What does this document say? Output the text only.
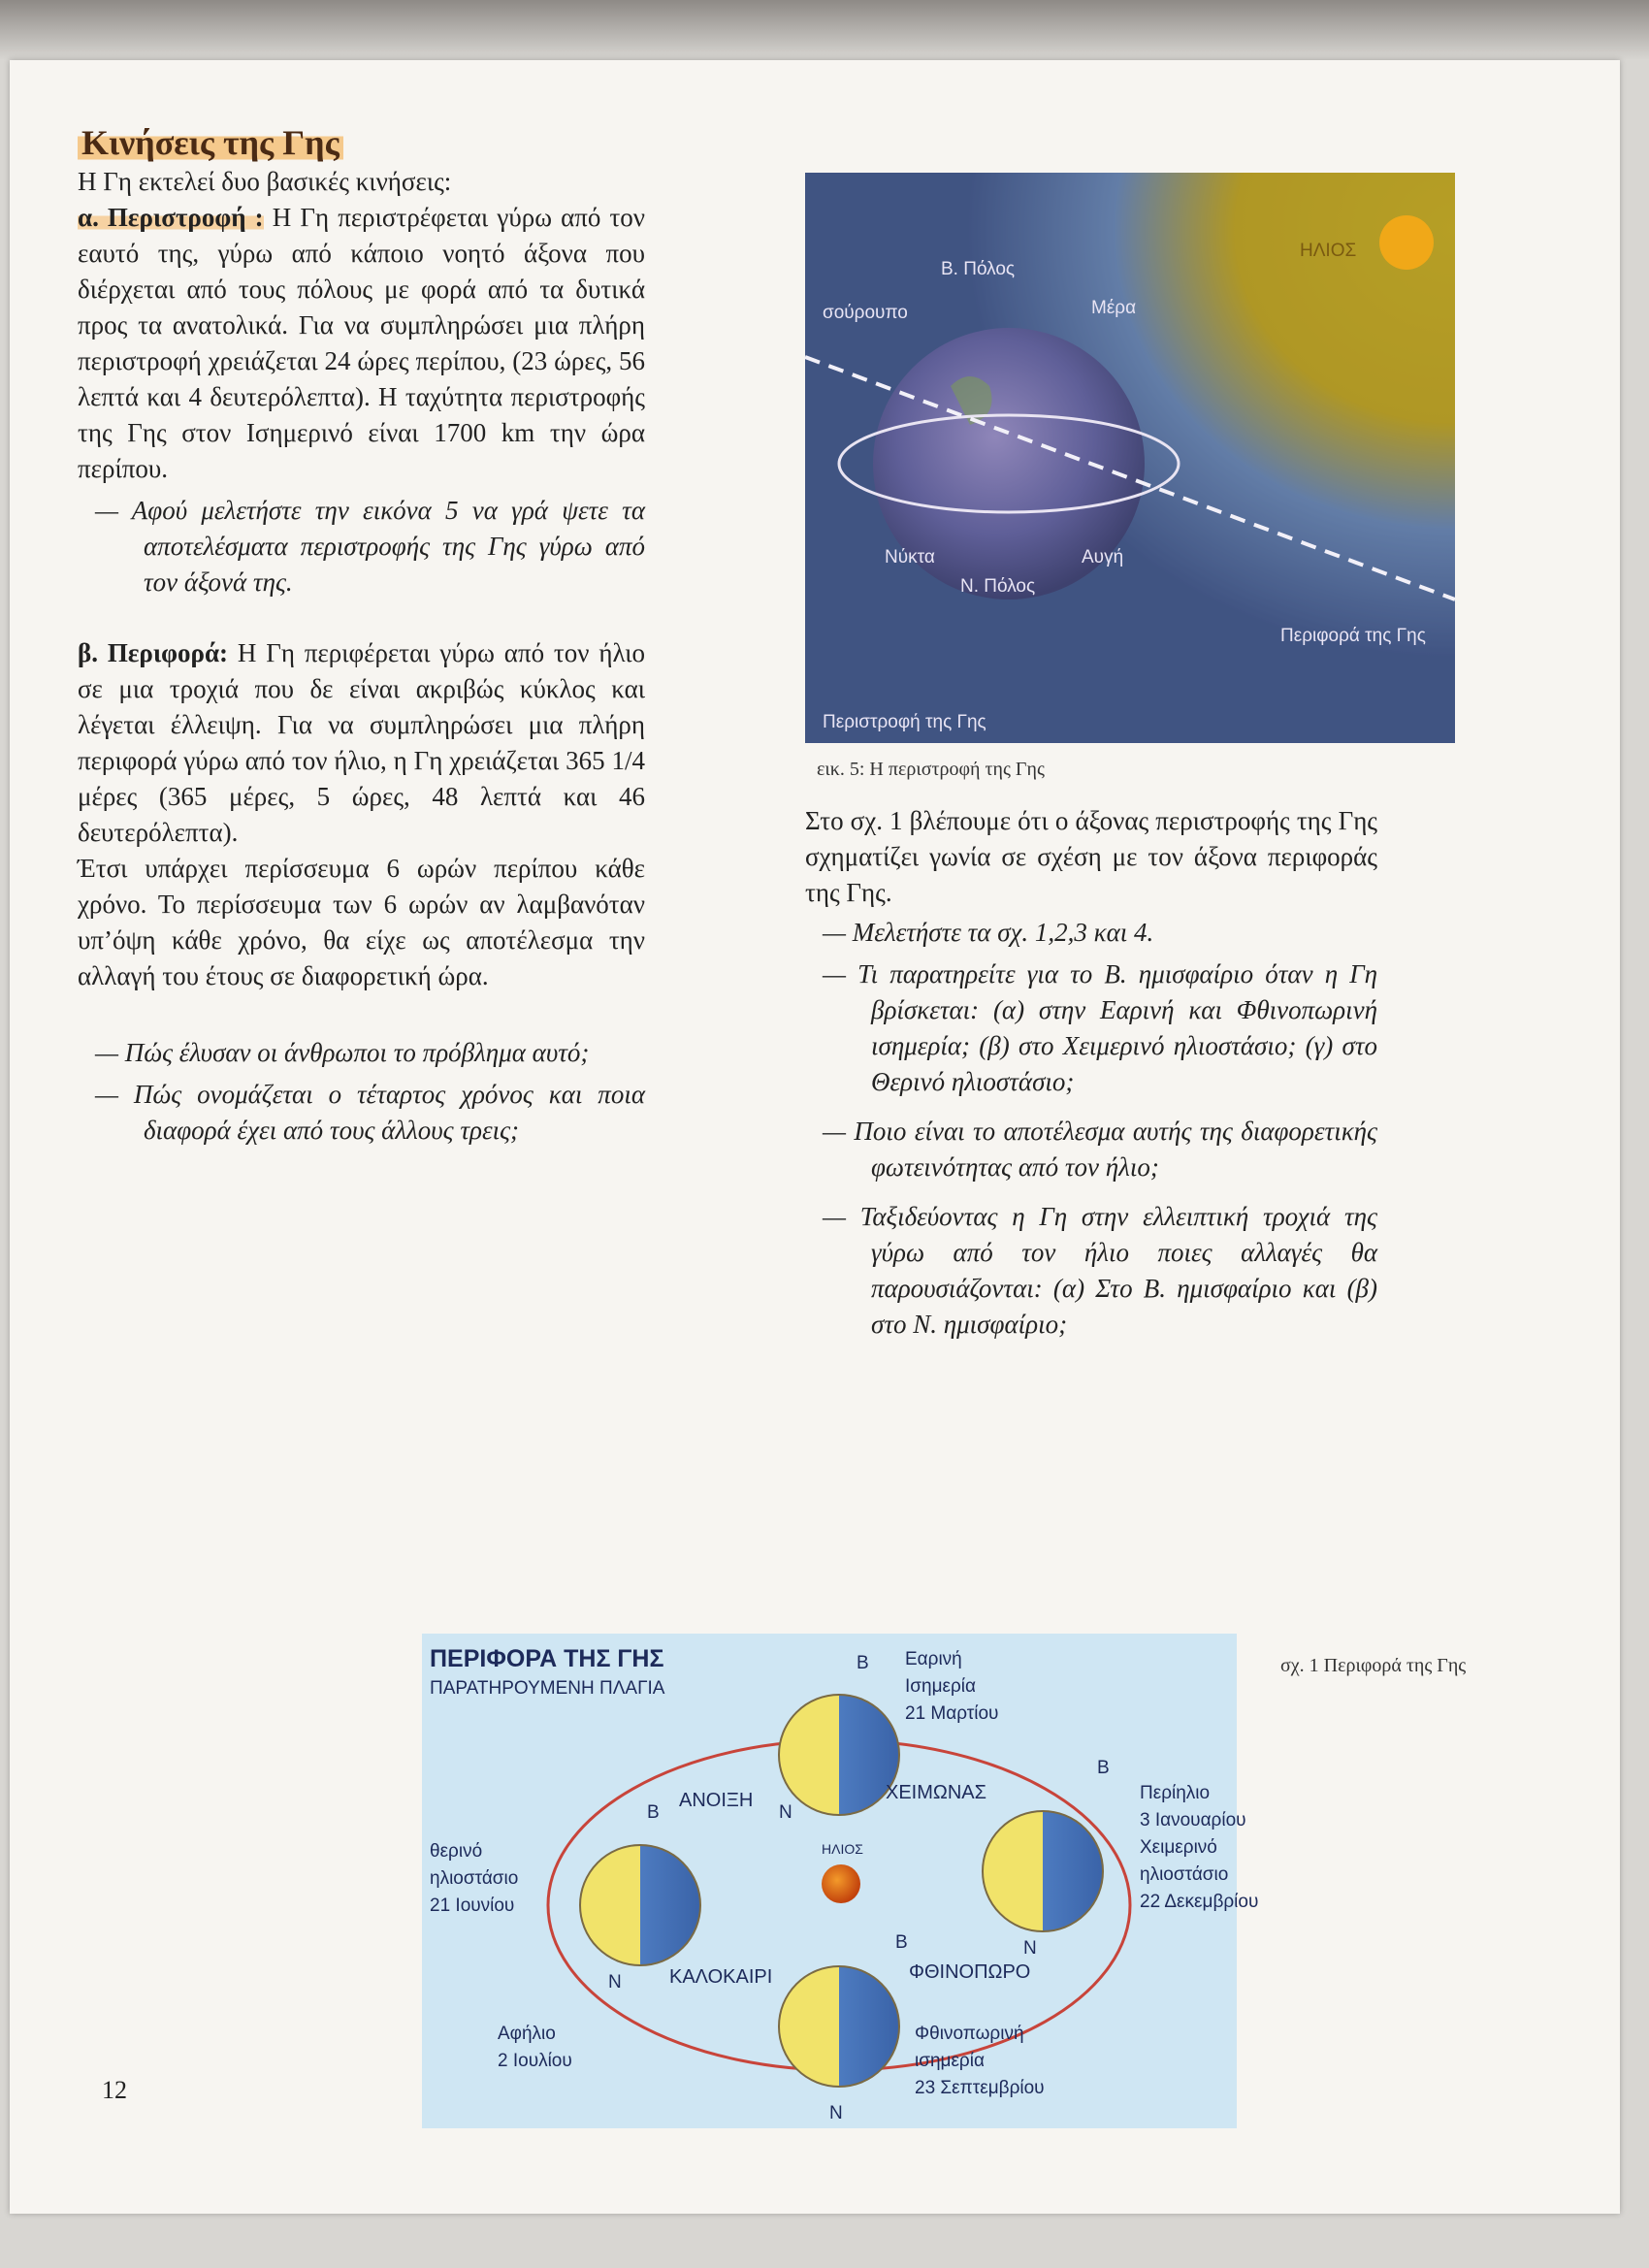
Κινήσεις της Γης

Η Γη εκτελεί δυο βασικές κινήσεις:

α. Περιστροφή : Η Γη περιστρέφεται γύρω από τον εαυτό της, γύρω από κάποιο νοητό άξονα που διέρχεται από τους πόλους με φορά από τα δυτικά προς τα ανατολικά. Για να συμπληρώσει μια πλήρη περιστροφή χρειάζεται 24 ώρες περίπου, (23 ώρες, 56 λεπτά και 4 δευτερόλεπτα). Η ταχύτητα περιστροφής της Γης στον Ισημερινό είναι 1700 km την ώρα περίπου.

— Αφού μελετήστε την εικόνα 5 να γρά ψετε τα αποτελέσματα περιστροφής της Γης γύρω από τον άξονά της.

β. Περιφορά: Η Γη περιφέρεται γύρω από τον ήλιο σε μια τροχιά που δε είναι ακριβώς κύκλος και λέγεται έλλειψη. Για να συμπληρώσει μια πλήρη περιφορά γύρω από τον ήλιο, η Γη χρειάζεται 365 1/4 μέρες (365 μέρες, 5 ώρες, 48 λεπτά και 46 δευτερόλεπτα).

Έτσι υπάρχει περίσσευμα 6 ωρών περίπου κάθε χρόνο. Το περίσσευμα των 6 ωρών αν λαμβανόταν υπ’όψη κάθε χρόνο, θα είχε ως αποτέλεσμα την αλλαγή του έτους σε διαφορετική ώρα.

— Πώς έλυσαν οι άνθρωποι το πρόβλημα αυτό;

— Πώς ονομάζεται ο τέταρτος χρόνος και ποια διαφορά έχει από τους άλλους τρεις;

ΗΛΙΟΣ
Β. Πόλος
σούρουπο	Μέρα
Νύκτα	Αυγή
Ν. Πόλος
Περιφορά της Γης
Περιστροφή της Γης
εικ. 5: Η περιστροφή της Γης

Στο σχ. 1 βλέπουμε ότι ο άξονας περιστροφής της Γης σχηματίζει γωνία σε σχέση με τον άξονα περιφοράς της Γης.

— Μελετήστε τα σχ. 1,2,3 και 4.

— Τι παρατηρείτε για το Β. ημισφαίριο όταν η Γη βρίσκεται: (α) στην Εαρινή και Φθινοπωρινή ισημερία; (β) στο Χειμερινό ηλιοστάσιο; (γ) στο Θερινό ηλιοστάσιο;

— Ποιο είναι το αποτέλεσμα αυτής της διαφορετικής φωτεινότητας από τον ήλιο;

— Ταξιδεύοντας η Γη στην ελλειπτική τροχιά της γύρω από τον ήλιο ποιες αλλαγές θα παρουσιάζονται: (α) Στο Β. ημισφαίριο και (β) στο Ν. ημισφαίριο;

ΗΛΙΟΣ
ΠΕΡΙΦΟΡΑ ΤΗΣ ΓΗΣ
ΠΑΡΑΤΗΡΟΥΜΕΝΗ ΠΛΑΓΙΑ
Β
Ν
Εαρινή
Ισημερία
21 Μαρτίου
ΑΝΟΙΞΗ	ΧΕΙΜΩΝΑΣ
ΚΑΛΟΚΑΙΡΙ	ΦΘΙΝΟΠΩΡΟ
Β
Ν
θερινό
ηλιοστάσιο
21 Ιουνίου
Αφήλιο
2 Ιουλίου
Β
Ν
Περίηλιο
3 Ιανουαρίου
Χειμερινό
ηλιοστάσιο
22 Δεκεμβρίου
Β
Ν
Φθινοπωρινή
ισημερία
23 Σεπτεμβρίου
σχ. 1 Περιφορά της Γης
12
